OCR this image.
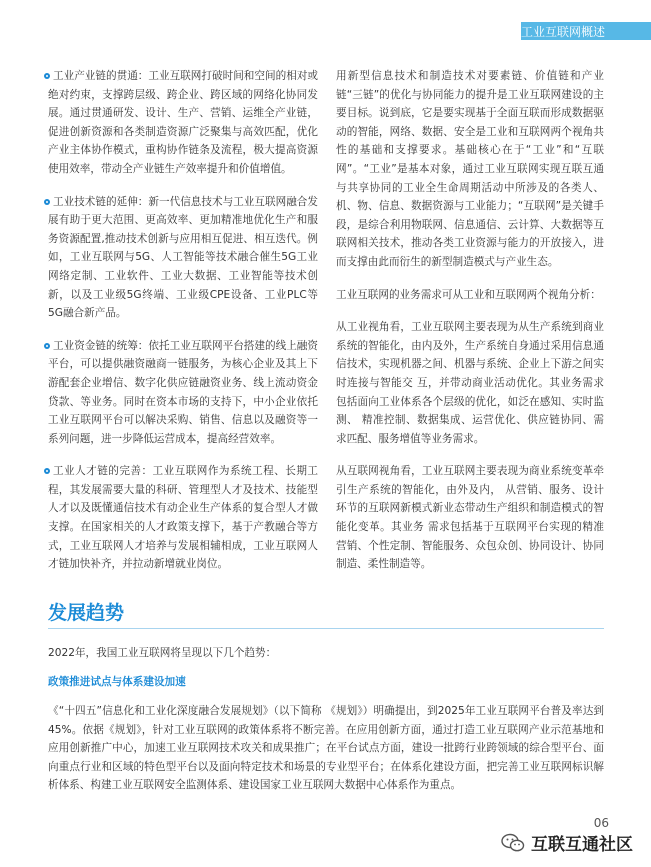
工业互联网概述

工业产业链的贯通：工业互联网打破时间和空间的相对或绝对约束，支撑跨层级、跨企业、跨区域的网络化协同发展。通过贯通研发、设计、生产、营销、运维全产业链，促进创新资源和各类制造资源广泛聚集与高效匹配，优化产业主体协作模式，重构协作链条及流程，极大提高资源使用效率，带动全产业链生产效率提升和价值增值。

工业技术链的延伸：新一代信息技术与工业互联网融合发展有助于更大范围、更高效率、更加精准地优化生产和服务资源配置,推动技术创新与应用相互促进、相互迭代。例如，工业互联网与5G、人工智能等技术融合催生5G工业网络定制、工业软件、工业大数据、工业智能等技术创新，以及工业级5G终端、工业级CPE设备、工业PLC等5G融合新产品。

工业资金链的统筹：依托工业互联网平台搭建的线上融资平台，可以提供融资融商一链服务，为核心企业及其上下游配套企业增信、数字化供应链融资业务、线上流动资金贷款、等业务。同时在资本市场的支持下，中小企业依托工业互联网平台可以解决采购、销售、信息以及融资等一系列问题，进一步降低运营成本，提高经营效率。

工业人才链的完善：工业互联网作为系统工程、长期工程，其发展需要大量的科研、管理型人才及技术、技能型人才以及既懂通信技术有动企业生产体系的复合型人才做支撑。在国家相关的人才政策支撑下，基于产教融合等方式，工业互联网人才培养与发展相辅相成，工业互联网人才链加快补齐，并拉动新增就业岗位。

用新型信息技术和制造技术对要素链、价值链和产业链“三链”的优化与协同能力的提升是工业互联网建设的主要目标。说到底，它是要实现基于全面互联而形成数据驱动的智能，网络、数据、安全是工业和互联网两个视角共性的基础和支撑要求。基础核心在于“工业”和“互联网”。“工业”是基本对象，通过工业互联网实现互联互通与共享协同的工业全生命周期活动中所涉及的各类人、机、物、信息、数据资源与工业能力；“互联网”是关键手段，是综合利用物联网、信息通信、云计算、大数据等互联网相关技术，推动各类工业资源与能力的开放接入，进而支撑由此而衍生的新型制造模式与产业生态。

工业互联网的业务需求可从工业和互联网两个视角分析：

从工业视角看，工业互联网主要表现为从生产系统到商业系统的智能化，由内及外，生产系统自身通过采用信息通信技术，实现机器之间、机器与系统、企业上下游之间实时连接与智能交 互，并带动商业活动优化。其业务需求包括面向工业体系各个层级的优化，如泛在感知、实时监测、 精准控制、数据集成、运营优化、供应链协同、需求匹配、服务增值等业务需求。

从互联网视角看，工业互联网主要表现为商业系统变革牵引生产系统的智能化，由外及内， 从营销、服务、设计环节的互联网新模式新业态带动生产组织和制造模式的智能化变革。其业务 需求包括基于互联网平台实现的精准营销、个性定制、智能服务、众包众创、协同设计、协同制造、柔性制造等。

发展趋势

2022年，我国工业互联网将呈现以下几个趋势：

政策推进试点与体系建设加速

《“十四五”信息化和工业化深度融合发展规划》（以下简称 《规划》）明确提出，到2025年工业互联网平台普及率达到45%。依据《规划》，针对工业互联网的政策体系将不断完善。在应用创新方面，通过打造工业互联网产业示范基地和应用创新推广中心，加速工业互联网技术攻关和成果推广；在平台试点方面，建设一批跨行业跨领域的综合型平台、面向重点行业和区域的特色型平台以及面向特定技术和场景的专业型平台；在体系化建设方面，把完善工业互联网标识解析体系、构建工业互联网安全监测体系、建设国家工业互联网大数据中心体系作为重点。

06
互联互通社区
